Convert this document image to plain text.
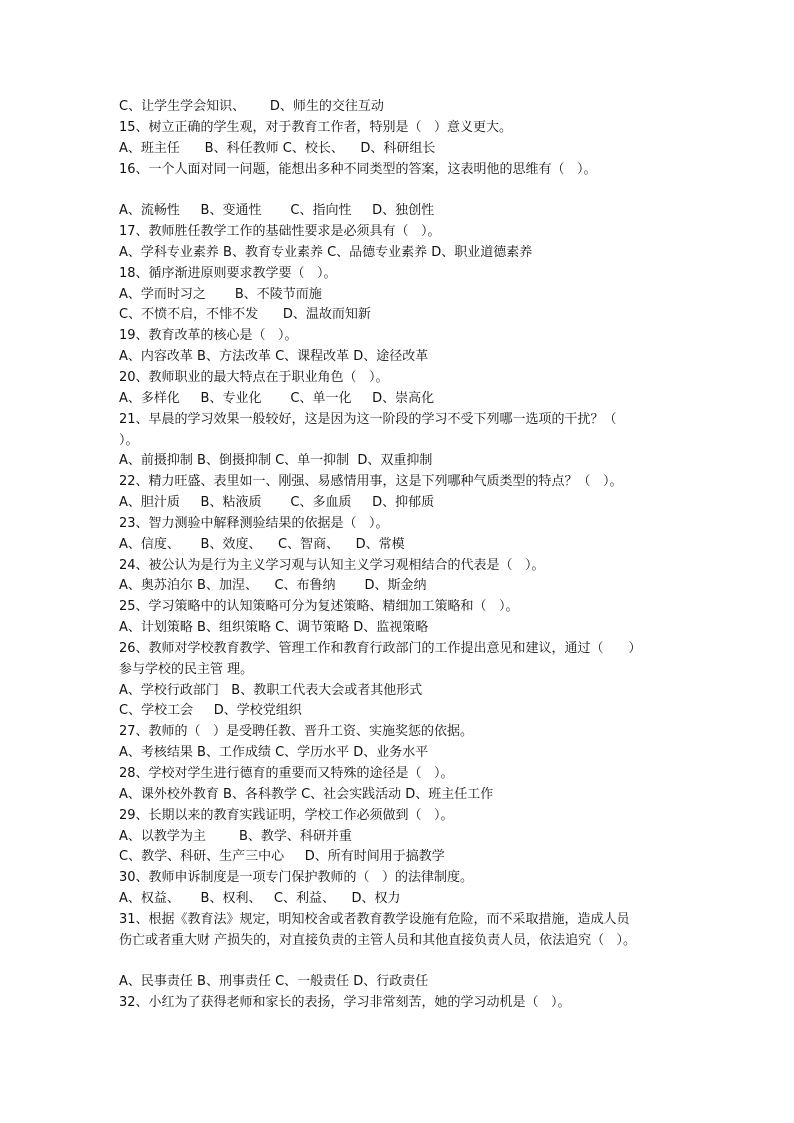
C、让学生学会知识、      D、师生的交往互动
15、树立正确的学生观，对于教育工作者，特别是（   ）意义更大。
A、班主任      B、科任教师 C、校长、    D、科研组长
16、一个人面对同一问题，能想出多种不同类型的答案，这表明他的思维有（   ）。
A、流畅性     B、变通性       C、指向性     D、独创性
17、教师胜任教学工作的基础性要求是必须具有（   ）。
A、学科专业素养 B、教育专业素养 C、品德专业素养 D、职业道德素养
18、循序渐进原则要求教学要（   ）。
A、学而时习之       B、不陵节而施
C、不愤不启，不悱不发      D、温故而知新
19、教育改革的核心是（   ）。
A、内容改革 B、方法改革 C、课程改革 D、途径改革
20、教师职业的最大特点在于职业角色（   ）。
A、多样化     B、专业化       C、单一化     D、崇高化
21、早晨的学习效果一般较好，这是因为这一阶段的学习不受下列哪一选项的干扰？（
）。
A、前摄抑制 B、倒摄抑制 C、单一抑制  D、双重抑制
22、精力旺盛、表里如一、刚强、易感情用事，这是下列哪种气质类型的特点？（   ）。
A、胆汁质     B、粘液质       C、多血质     D、抑郁质
23、智力测验中解释测验结果的依据是（   ）。
A、信度、     B、效度、    C、智商、    D、常模
24、被公认为是行为主义学习观与认知主义学习观相结合的代表是（   ）。
A、奥苏泊尔 B、加涅、    C、布鲁纳       D、斯金纳
25、学习策略中的认知策略可分为复述策略、精细加工策略和（   ）。
A、计划策略 B、组织策略 C、调节策略 D、监视策略
26、教师对学校教育教学、管理工作和教育行政部门的工作提出意见和建议，通过（      ）
参与学校的民主管 理。
A、学校行政部门   B、教职工代表大会或者其他形式
C、学校工会     D、学校党组织
27、教师的（   ）是受聘任教、晋升工资、实施奖惩的依据。
A、考核结果 B、工作成绩 C、学历水平 D、业务水平
28、学校对学生进行德育的重要而又特殊的途径是（   ）。
A、课外校外教育 B、各科教学 C、社会实践活动 D、班主任工作
29、长期以来的教育实践证明，学校工作必须做到（   ）。
A、以教学为主        B、教学、科研并重
C、教学、科研、生产三中心     D、所有时间用于搞教学
30、教师申诉制度是一项专门保护教师的（   ）的法律制度。
A、权益、     B、权利、   C、利益、    D、权力
31、根据《教育法》规定，明知校舍或者教育教学设施有危险，而不采取措施，造成人员
伤亡或者重大财 产损失的，对直接负责的主管人员和其他直接负责人员，依法追究（   ）。
A、民事责任 B、刑事责任 C、一般责任 D、行政责任
32、小红为了获得老师和家长的表扬，学习非常刻苦，她的学习动机是（   ）。
